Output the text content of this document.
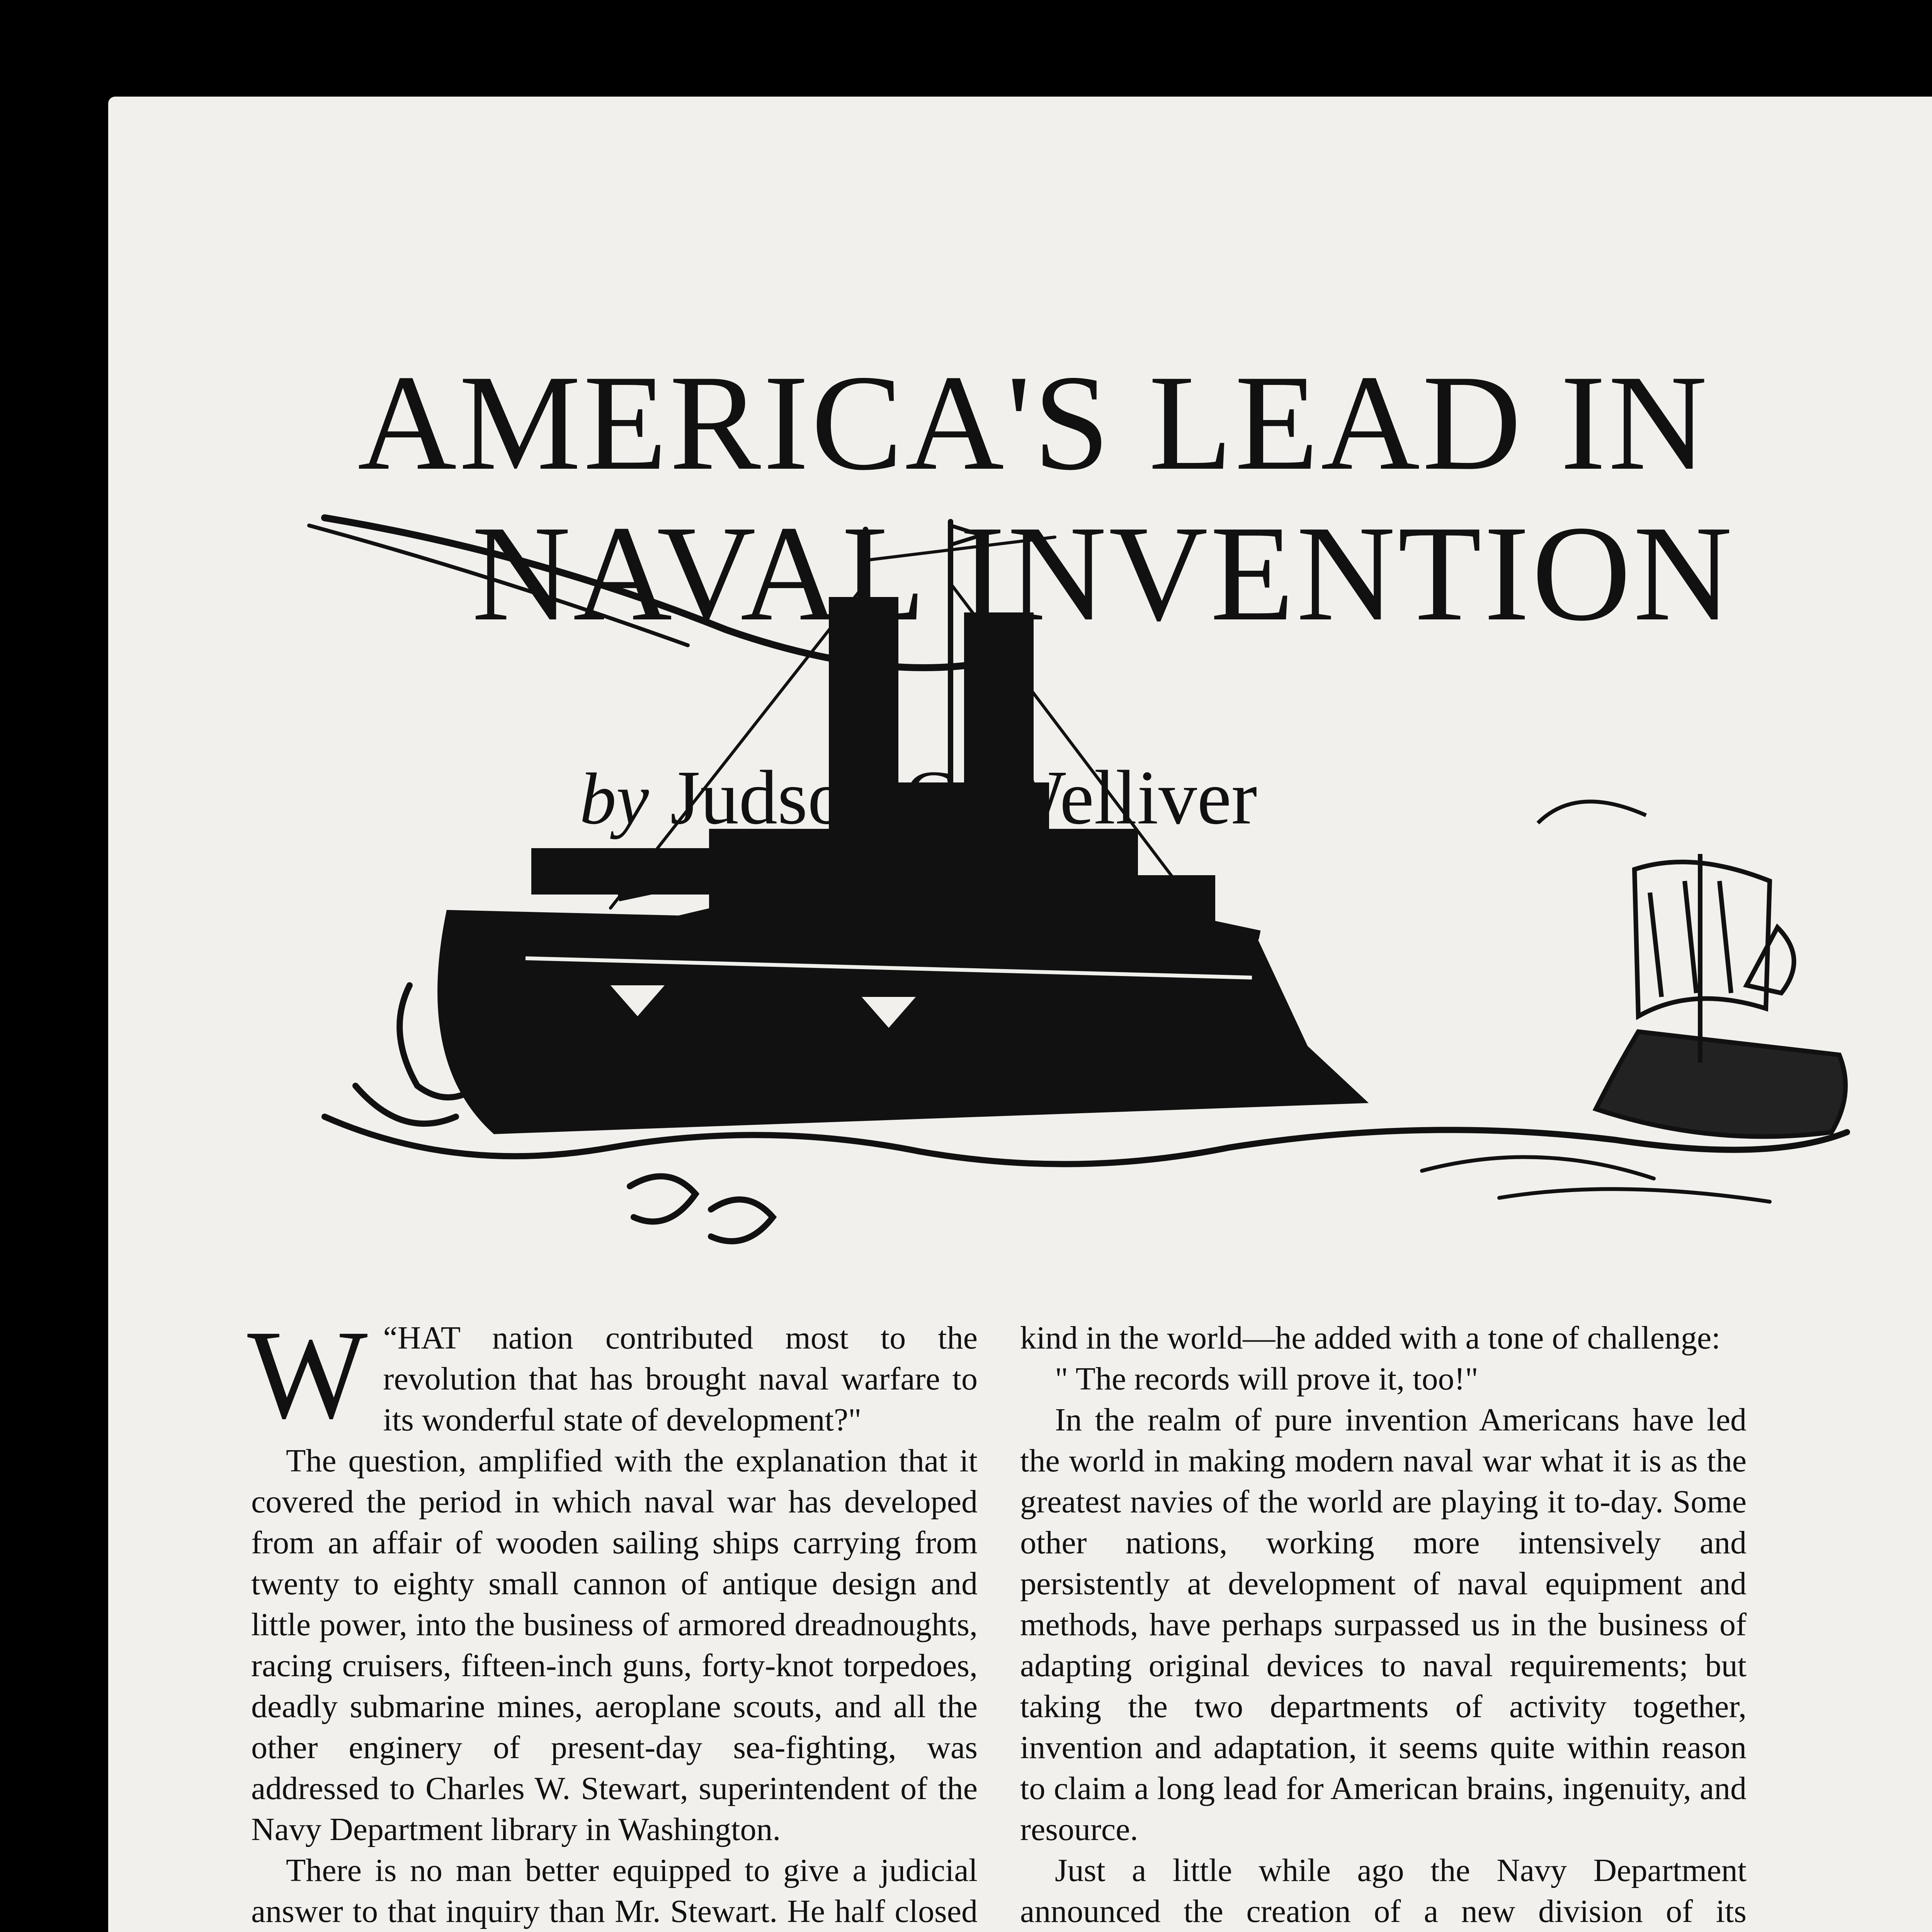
AMERICA'S LEAD IN
NAVAL INVENTION
by Judson C. Welliver

“
W HAT nation contributed most to the revolution that has brought naval warfare to its wonderful state of development?"

The question, amplified with the explanation that it covered the period in which naval war has developed from an affair of wooden sailing ships carrying from twenty to eighty small cannon of antique design and little power, into the business of armored dreadnoughts, racing cruisers, fifteen-inch guns, forty-knot torpedoes, deadly submarine mines, aeroplane scouts, and all the other enginery of present-day sea-fighting, was addressed to Charles W. Stewart, superintendent of the Navy Department library in Washington.

There is no man better equipped to give a judicial answer to that inquiry than Mr. Stewart. He half closed

kind in the world—he added with a tone of challenge:

" The records will prove it, too!"

In the realm of pure invention Americans have led the world in making modern naval war what it is as the greatest navies of the world are playing it to-day. Some other nations, working more intensively and persistently at development of naval equipment and methods, have perhaps surpassed us in the business of adapting original devices to naval requirements; but taking the two departments of activity together, invention and adaptation, it seems quite within reason to claim a long lead for American brains, ingenuity, and resource.

Just a little while ago the Navy Department announced the creation of a new division of its
